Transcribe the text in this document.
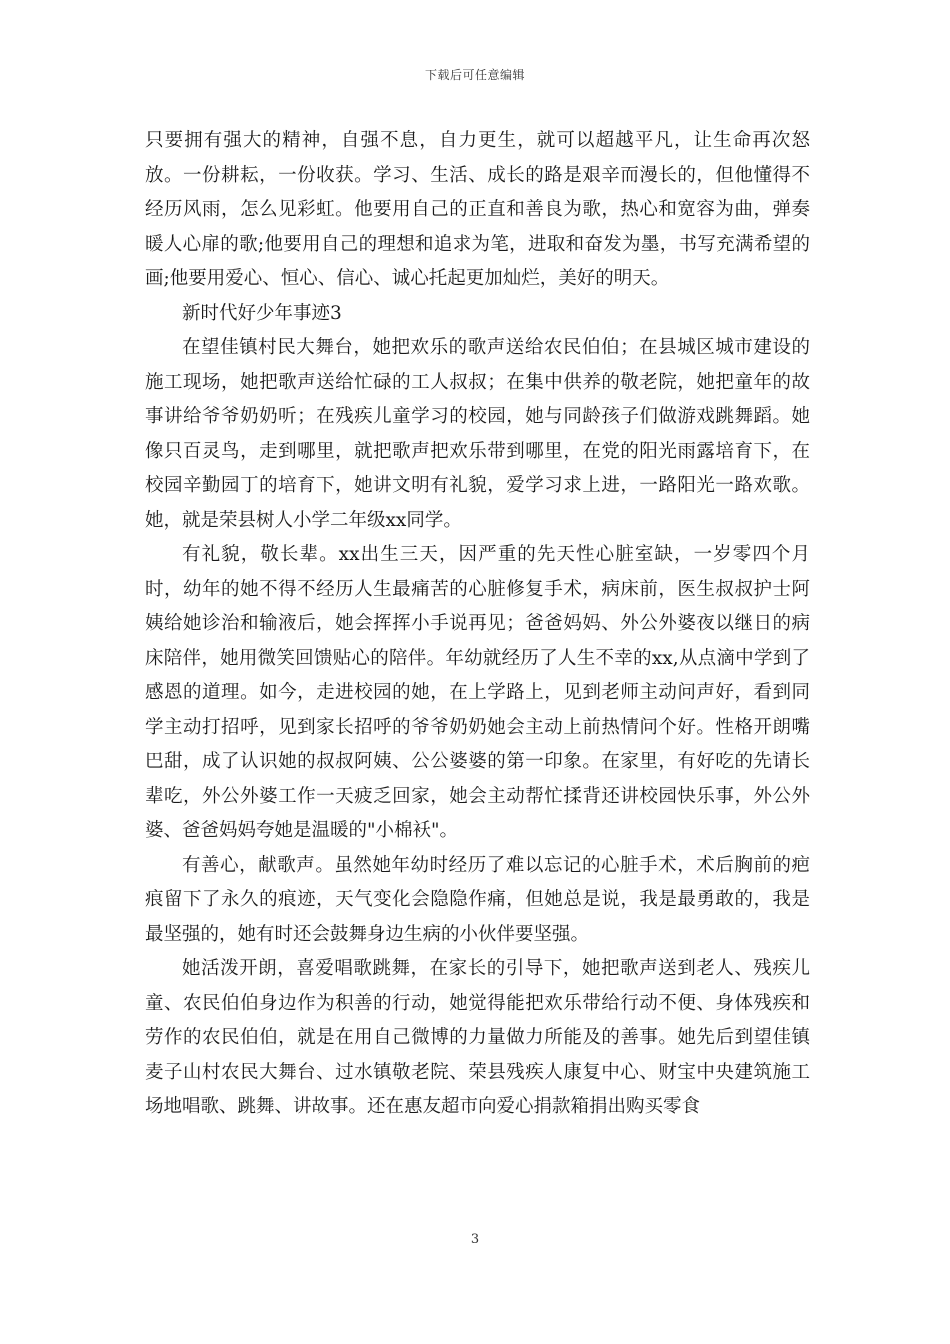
下载后可任意编辑

只要拥有强大的精神，自强不息，自力更生，就可以超越平凡，让生命再次怒放。一份耕耘，一份收获。学习、生活、成长的路是艰辛而漫长的，但他懂得不经历风雨，怎么见彩虹。他要用自己的正直和善良为歌，热心和宽容为曲，弹奏暖人心扉的歌;他要用自己的理想和追求为笔，进取和奋发为墨，书写充满希望的画;他要用爱心、恒心、信心、诚心托起更加灿烂，美好的明天。

新时代好少年事迹3

在望佳镇村民大舞台，她把欢乐的歌声送给农民伯伯；在县城区城市建设的施工现场，她把歌声送给忙碌的工人叔叔；在集中供养的敬老院，她把童年的故事讲给爷爷奶奶听；在残疾儿童学习的校园，她与同龄孩子们做游戏跳舞蹈。她像只百灵鸟，走到哪里，就把歌声把欢乐带到哪里，在党的阳光雨露培育下，在校园辛勤园丁的培育下，她讲文明有礼貌，爱学习求上进，一路阳光一路欢歌。她，就是荣县树人小学二年级xx同学。

有礼貌，敬长辈。xx出生三天，因严重的先天性心脏室缺，一岁零四个月时，幼年的她不得不经历人生最痛苦的心脏修复手术，病床前，医生叔叔护士阿姨给她诊治和输液后，她会挥挥小手说再见；爸爸妈妈、外公外婆夜以继日的病床陪伴，她用微笑回馈贴心的陪伴。年幼就经历了人生不幸的xx,从点滴中学到了感恩的道理。如今，走进校园的她，在上学路上，见到老师主动问声好，看到同学主动打招呼，见到家长招呼的爷爷奶奶她会主动上前热情问个好。性格开朗嘴巴甜，成了认识她的叔叔阿姨、公公婆婆的第一印象。在家里，有好吃的先请长辈吃，外公外婆工作一天疲乏回家，她会主动帮忙揉背还讲校园快乐事，外公外婆、爸爸妈妈夸她是温暖的"小棉袄"。

有善心，献歌声。虽然她年幼时经历了难以忘记的心脏手术，术后胸前的疤痕留下了永久的痕迹，天气变化会隐隐作痛，但她总是说，我是最勇敢的，我是最坚强的，她有时还会鼓舞身边生病的小伙伴要坚强。

她活泼开朗，喜爱唱歌跳舞，在家长的引导下，她把歌声送到老人、残疾儿童、农民伯伯身边作为积善的行动，她觉得能把欢乐带给行动不便、身体残疾和劳作的农民伯伯，就是在用自己微博的力量做力所能及的善事。她先后到望佳镇麦子山村农民大舞台、过水镇敬老院、荣县残疾人康复中心、财宝中央建筑施工场地唱歌、跳舞、讲故事。还在惠友超市向爱心捐款箱捐出购买零食

3
